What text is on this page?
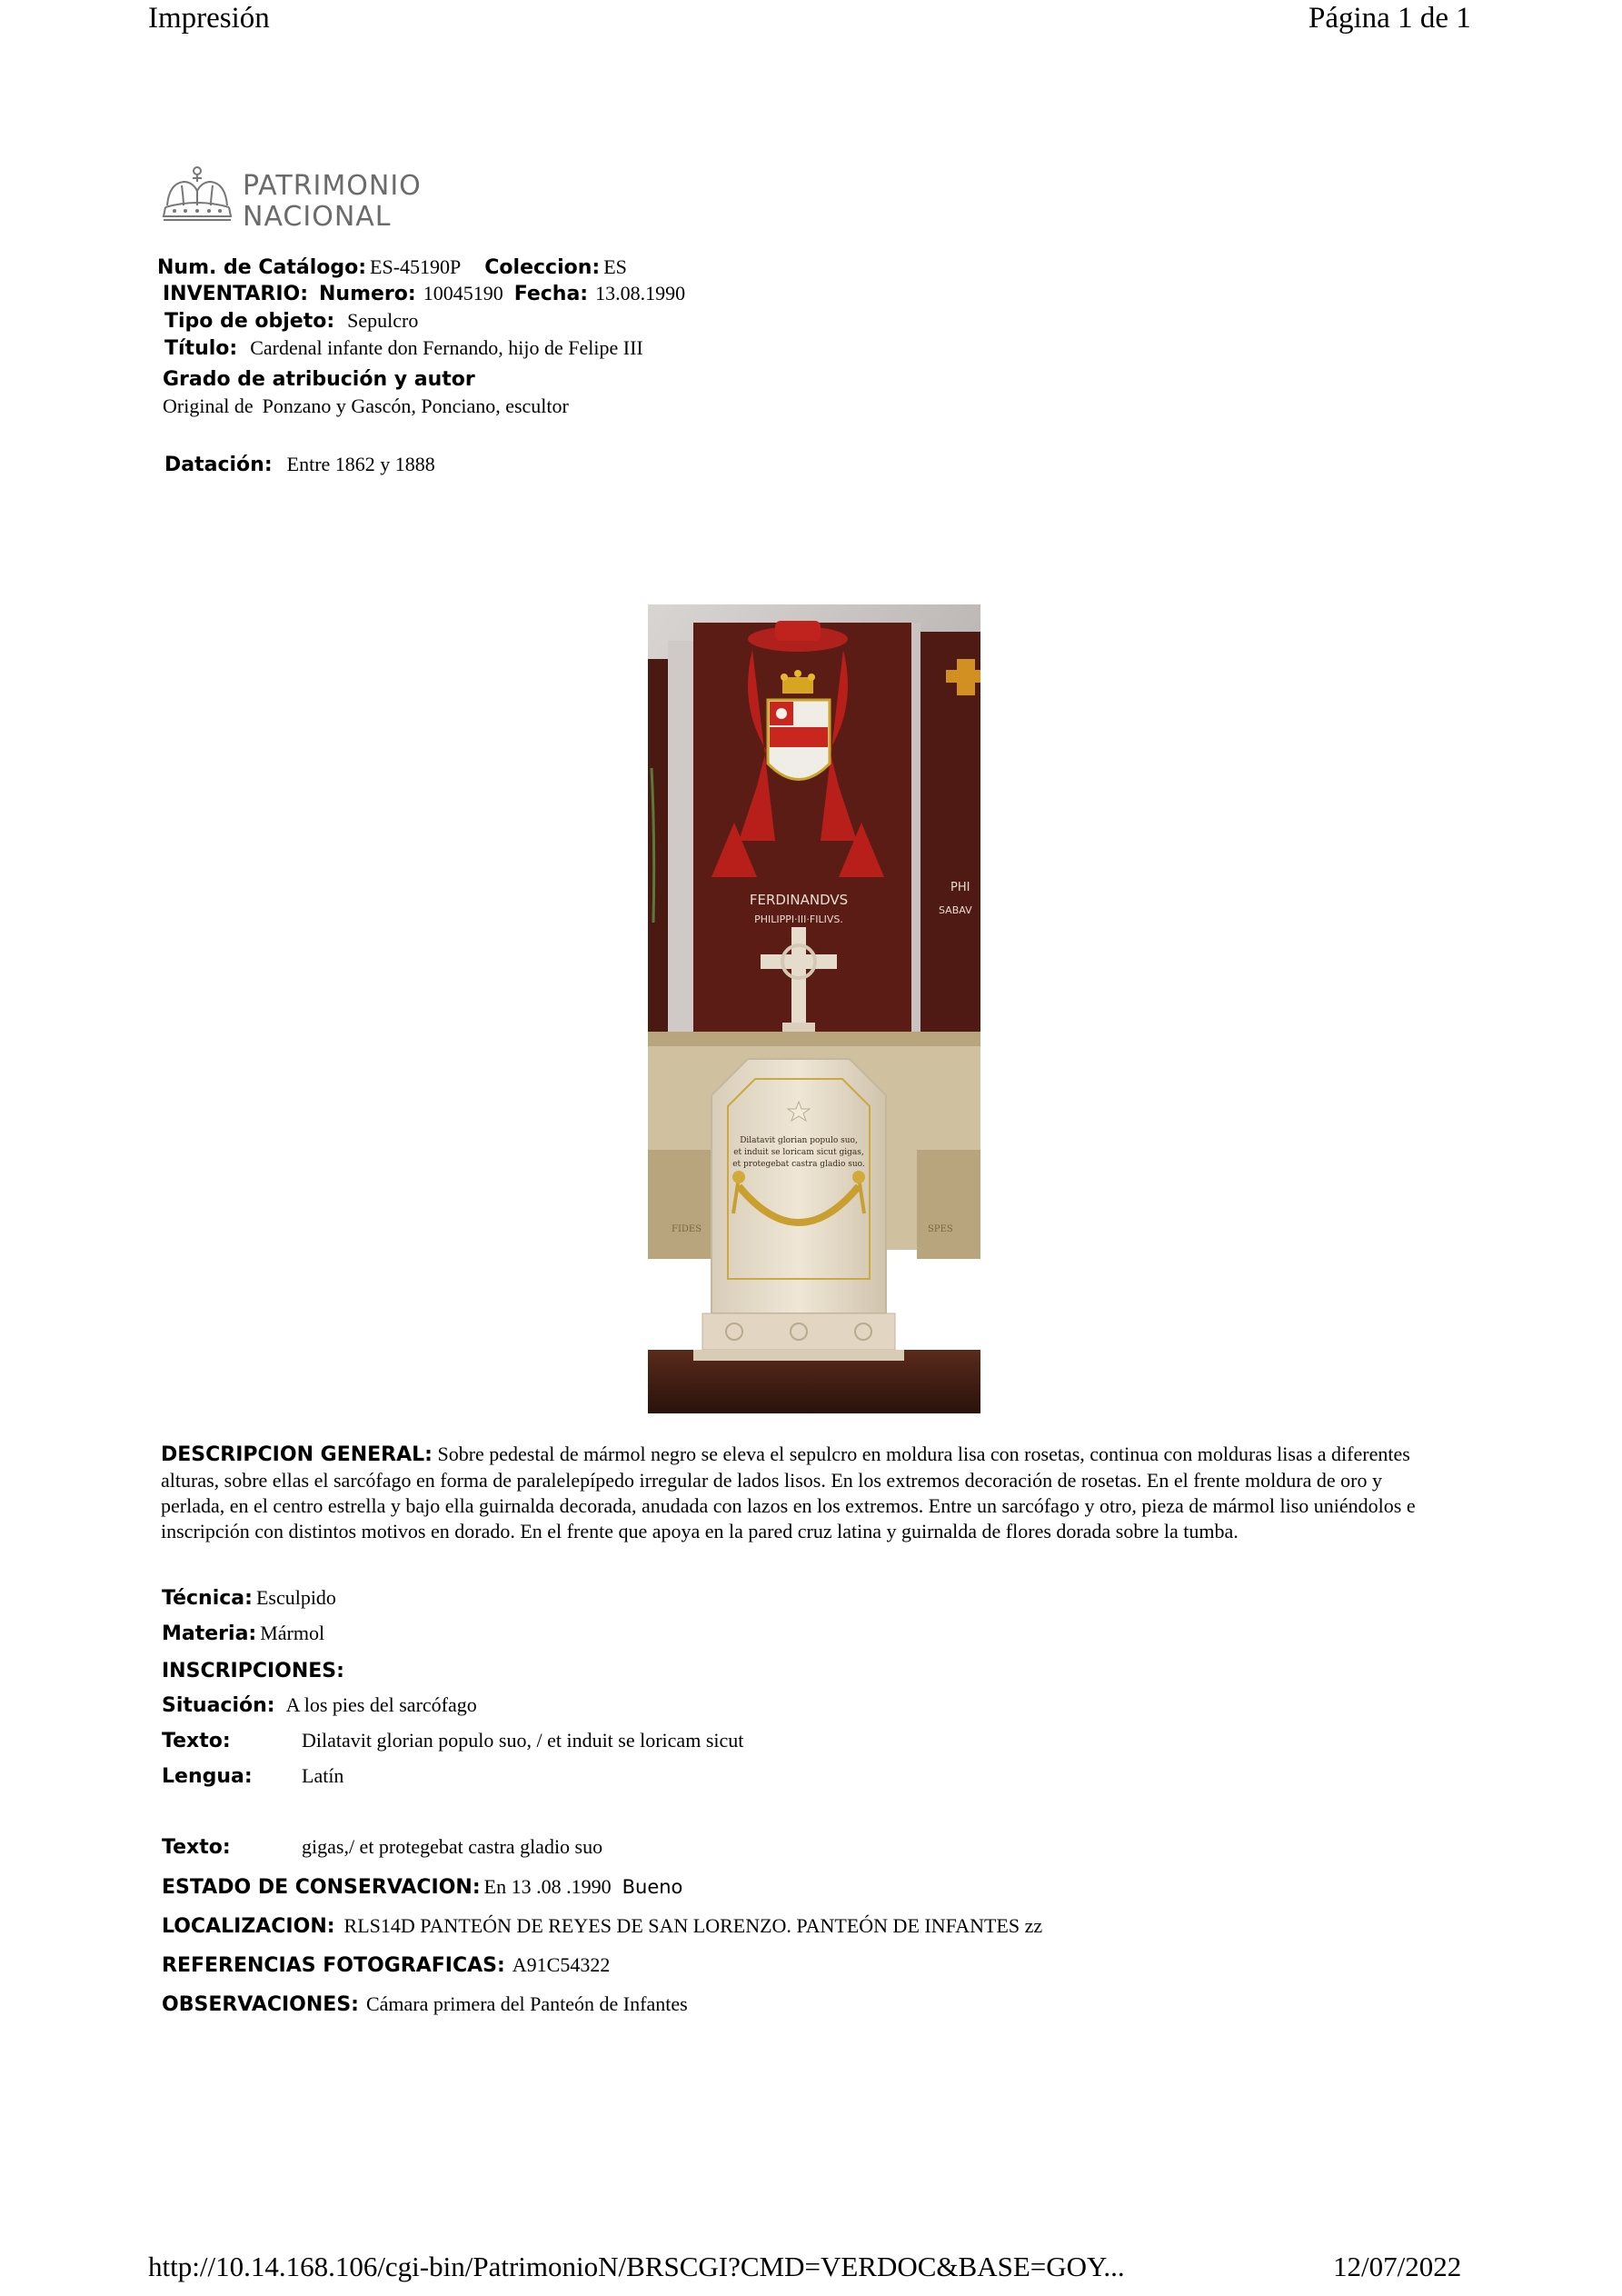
Impresión	Página 1 de 1
PATRIMONIO
NACIONAL
Num. de Catálogo: ES-45190P Coleccion: ES
INVENTARIO: Numero: 10045190 Fecha: 13.08.1990
Tipo de objeto: Sepulcro
Título: Cardenal infante don Fernando, hijo de Felipe III
Grado de atribución y autor
Original de Ponzano y Gascón, Ponciano, escultor
Datación: Entre 1862 y 1888
FERDINANDVS
PHILIPPI·III·FILIVS.
PHI
SABAV
FIDES	SPES
Dilatavit glorian populo suo,
et induit se loricam sicut gigas,
et protegebat castra gladio suo.
DESCRIPCION GENERAL: Sobre pedestal de mármol negro se eleva el sepulcro en moldura lisa con rosetas, continua con molduras lisas a diferentes alturas, sobre ellas el sarcófago en forma de paralelepípedo irregular de lados lisos. En los extremos decoración de rosetas. En el frente moldura de oro y perlada, en el centro estrella y bajo ella guirnalda decorada, anudada con lazos en los extremos. Entre un sarcófago y otro, pieza de mármol liso uniéndolos e inscripción con distintos motivos en dorado. En el frente que apoya en la pared cruz latina y guirnalda de flores dorada sobre la tumba.
Técnica: Esculpido
Materia: Mármol
INSCRIPCIONES:
Situación: A los pies del sarcófago
Texto:	Dilatavit glorian populo suo, / et induit se loricam sicut
Lengua: Latín
Texto:	gigas,/ et protegebat castra gladio suo
ESTADO DE CONSERVACION: En 13 .08 .1990 Bueno
LOCALIZACION: RLS14D PANTEÓN DE REYES DE SAN LORENZO. PANTEÓN DE INFANTES zz
REFERENCIAS FOTOGRAFICAS: A91C54322
OBSERVACIONES: Cámara primera del Panteón de Infantes
http://10.14.168.106/cgi-bin/PatrimonioN/BRSCGI?CMD=VERDOC&BASE=GOY...	12/07/2022
